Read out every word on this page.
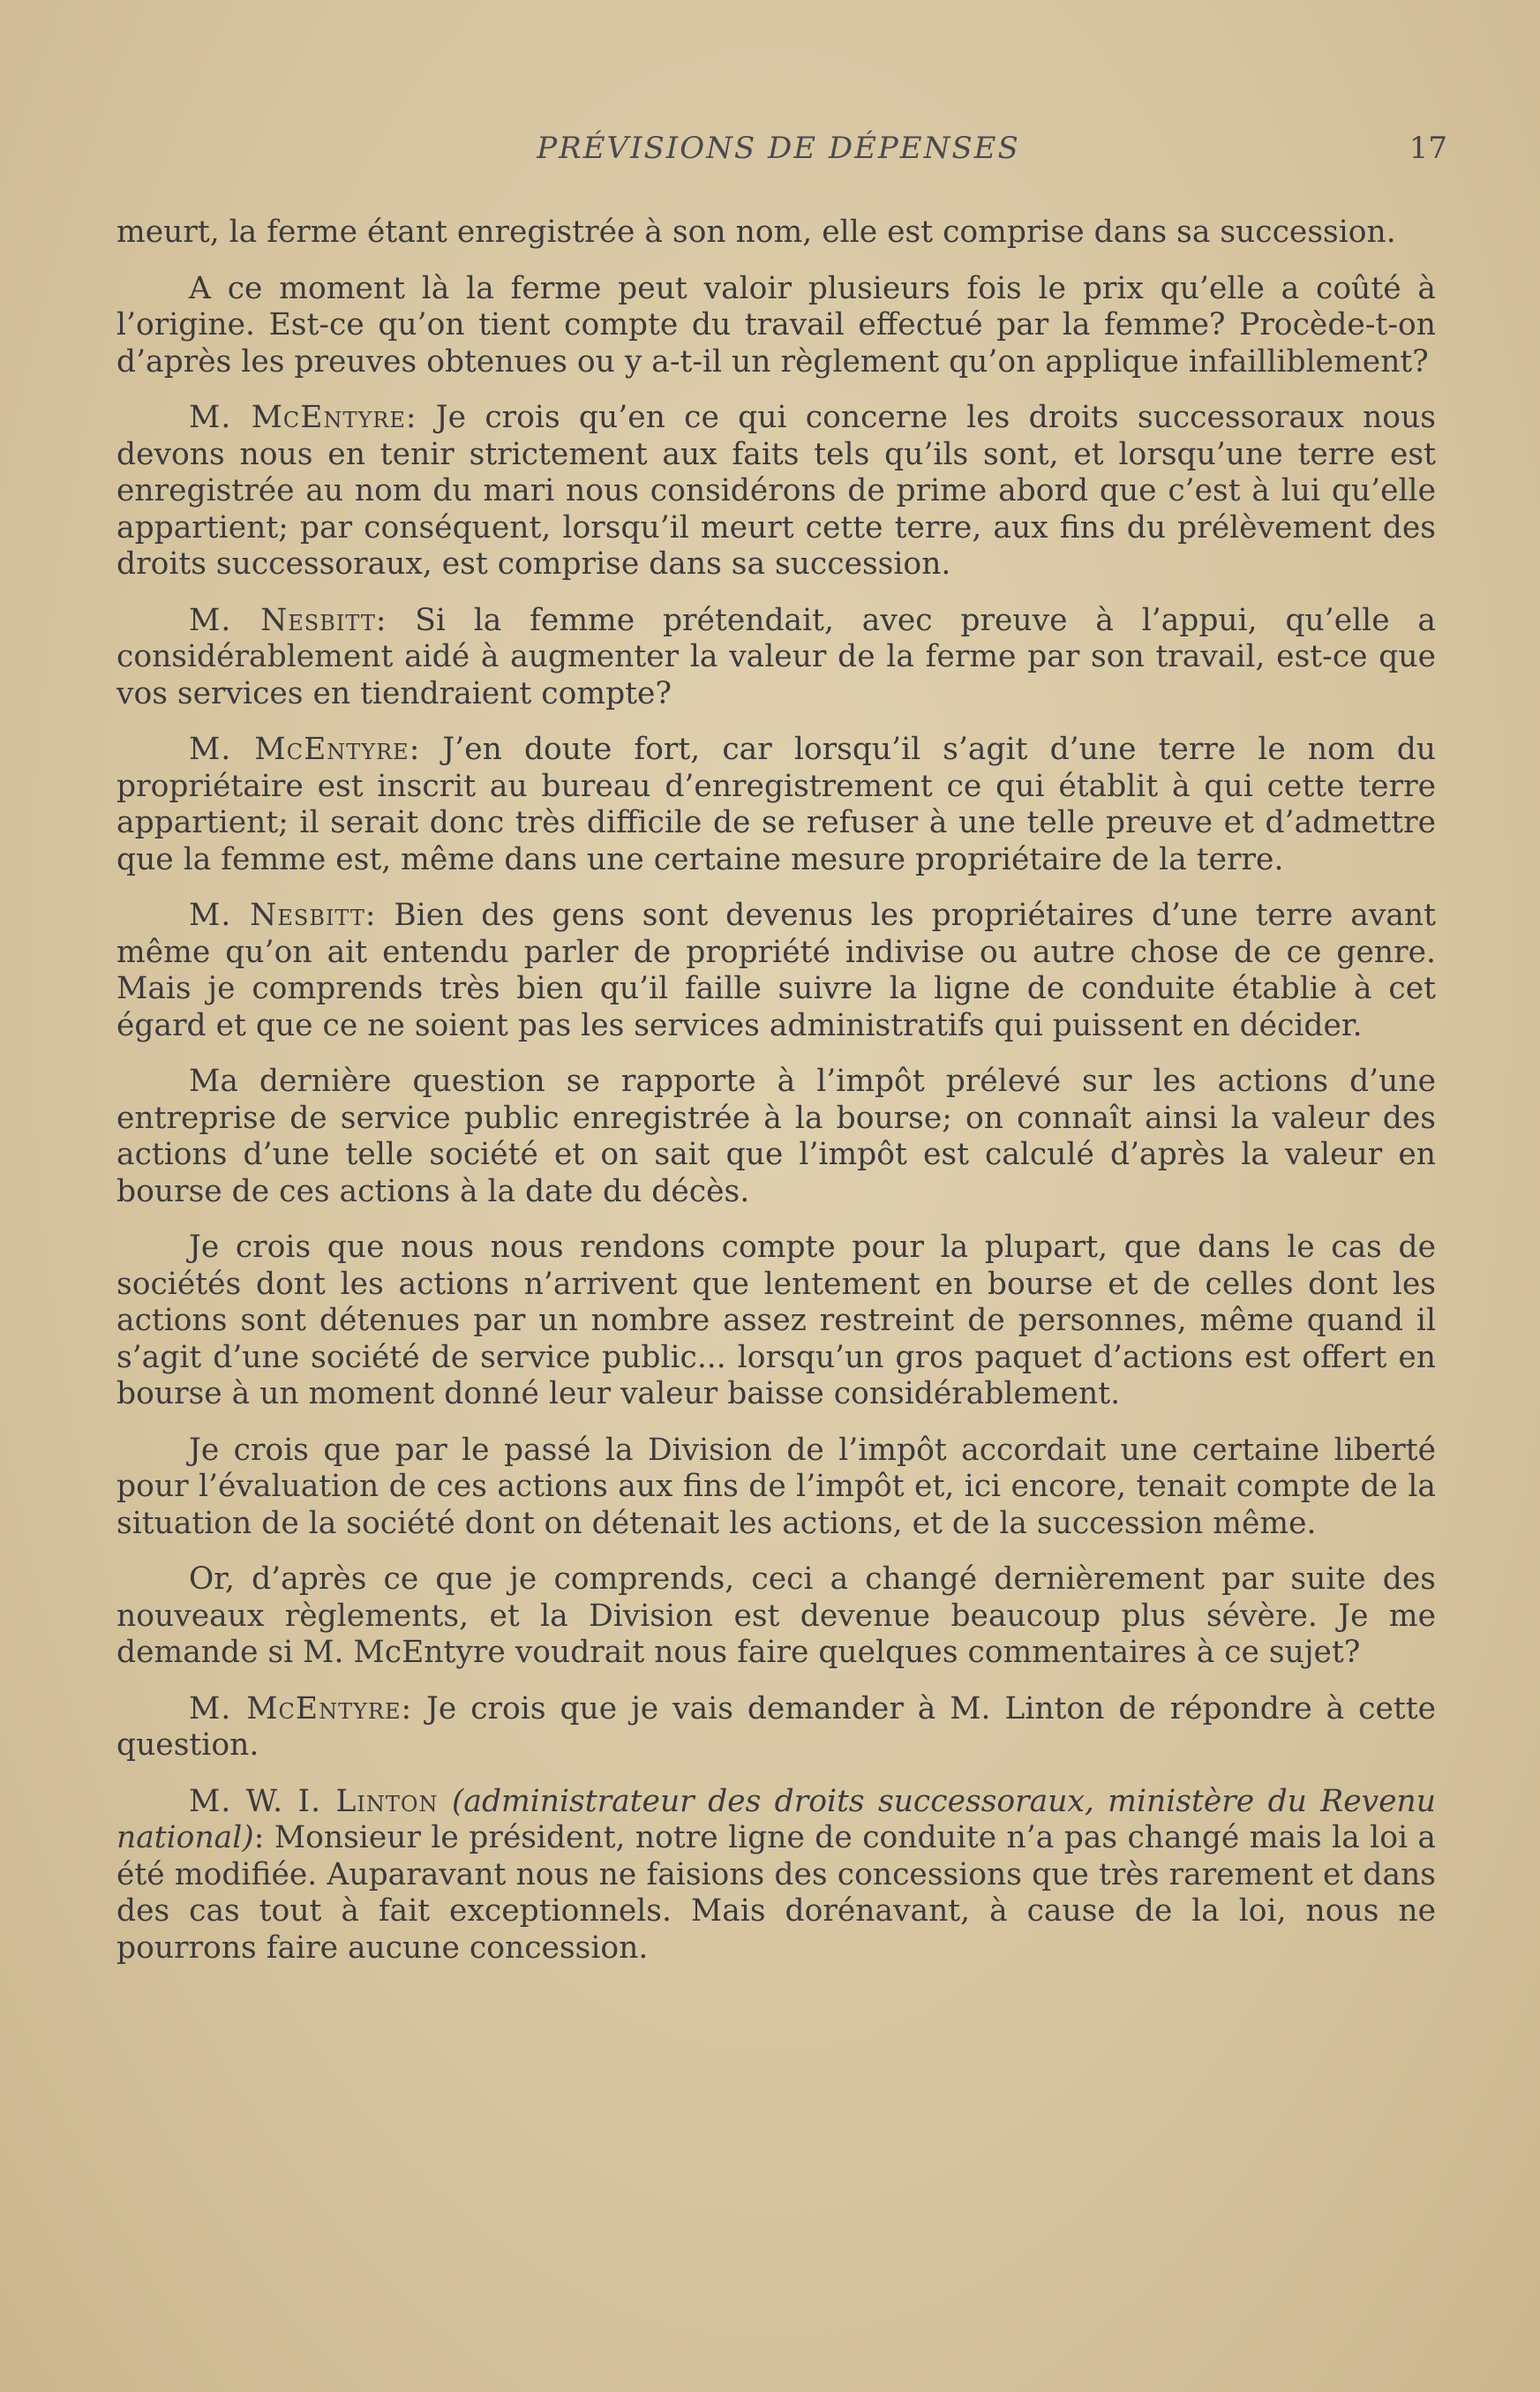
PRÉVISIONS DE DÉPENSES	17

meurt, la ferme étant enregistrée à son nom, elle est comprise dans sa succession.

A ce moment là la ferme peut valoir plusieurs fois le prix qu’elle a coûté à l’origine. Est-ce qu’on tient compte du travail effectué par la femme? Procède-t-on d’après les preuves obtenues ou y a-t-il un règlement qu’on applique infailliblement?

M. McEntyre: Je crois qu’en ce qui concerne les droits successoraux nous devons nous en tenir strictement aux faits tels qu’ils sont, et lorsqu’une terre est enregistrée au nom du mari nous considérons de prime abord que c’est à lui qu’elle appartient; par conséquent, lorsqu’il meurt cette terre, aux fins du prélèvement des droits successoraux, est comprise dans sa succession.

M. Nesbitt: Si la femme prétendait, avec preuve à l’appui, qu’elle a considérablement aidé à augmenter la valeur de la ferme par son travail, est-ce que vos services en tiendraient compte?

M. McEntyre: J’en doute fort, car lorsqu’il s’agit d’une terre le nom du propriétaire est inscrit au bureau d’enregistrement ce qui établit à qui cette terre appartient; il serait donc très difficile de se refuser à une telle preuve et d’admettre que la femme est, même dans une certaine mesure propriétaire de la terre.

M. Nesbitt: Bien des gens sont devenus les propriétaires d’une terre avant même qu’on ait entendu parler de propriété indivise ou autre chose de ce genre. Mais je comprends très bien qu’il faille suivre la ligne de conduite établie à cet égard et que ce ne soient pas les services administratifs qui puissent en décider.

Ma dernière question se rapporte à l’impôt prélevé sur les actions d’une entreprise de service public enregistrée à la bourse; on connaît ainsi la valeur des actions d’une telle société et on sait que l’impôt est calculé d’après la valeur en bourse de ces actions à la date du décès.

Je crois que nous nous rendons compte pour la plupart, que dans le cas de sociétés dont les actions n’arrivent que lentement en bourse et de celles dont les actions sont détenues par un nombre assez restreint de personnes, même quand il s’agit d’une société de service public... lorsqu’un gros paquet d’actions est offert en bourse à un moment donné leur valeur baisse considérablement.

Je crois que par le passé la Division de l’impôt accordait une certaine liberté pour l’évaluation de ces actions aux fins de l’impôt et, ici encore, tenait compte de la situation de la société dont on détenait les actions, et de la succession même.

Or, d’après ce que je comprends, ceci a changé dernièrement par suite des nouveaux règlements, et la Division est devenue beaucoup plus sévère. Je me demande si M. McEntyre voudrait nous faire quelques commentaires à ce sujet?

M. McEntyre: Je crois que je vais demander à M. Linton de répondre à cette question.

M. W. I. Linton (administrateur des droits successoraux, ministère du Revenu national): Monsieur le président, notre ligne de conduite n’a pas changé mais la loi a été modifiée. Auparavant nous ne faisions des concessions que très rarement et dans des cas tout à fait exceptionnels. Mais dorénavant, à cause de la loi, nous ne pourrons faire aucune concession.
